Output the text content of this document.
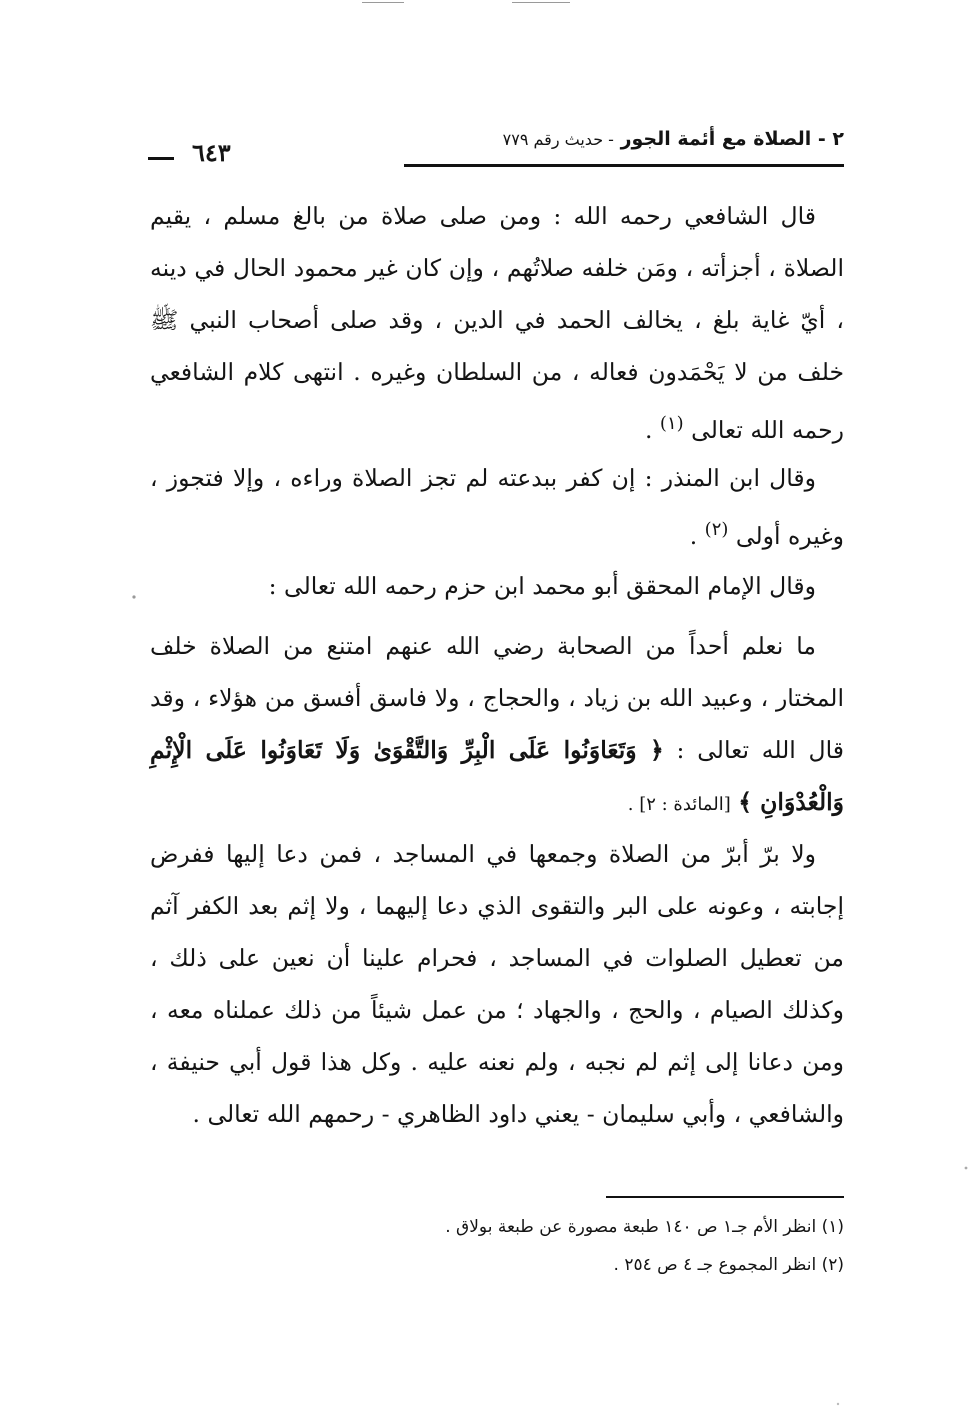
٢ - الصلاة مع أئمة الجور - حديث رقم ٧٧٩
٦٤٣

قال الشافعي رحمه الله : ومن صلى صلاة من بالغ مسلم ، يقيم الصلاة ، أجزأته ، ومَن خلفه صلاتُهم ، وإن كان غير محمود الحال في دينه ، أيّ غاية بلغ ، يخالف الحمد في الدين ، وقد صلى أصحاب النبي ﷺ خلف من لا يَحْمَدون فعاله ، من السلطان وغيره . انتهى كلام الشافعي رحمه الله تعالى $^{(١)}$ .

وقال ابن المنذر : إن كفر ببدعته لم تجز الصلاة وراءه ، وإلا فتجوز ، وغيره أولى $^{(٢)}$ .

وقال الإمام المحقق أبو محمد ابن حزم رحمه الله تعالى :

ما نعلم أحداً من الصحابة رضي الله عنهم امتنع من الصلاة خلف المختار ، وعبيد الله بن زياد ، والحجاج ، ولا فاسق أفسق من هؤلاء ، وقد قال الله تعالى : ﴿ وَتَعَاوَنُوا عَلَى الْبِرِّ وَالتَّقْوَىٰ وَلَا تَعَاوَنُوا عَلَى الْإِثْمِ وَالْعُدْوَانِ ﴾ [المائدة : ٢] .

ولا برّ أبرّ من الصلاة وجمعها في المساجد ، فمن دعا إليها ففرض إجابته ، وعونه على البر والتقوى الذي دعا إليهما ، ولا إثم بعد الكفر آثم من تعطيل الصلوات في المساجد ، فحرام علينا أن نعين على ذلك ، وكذلك الصيام ، والحج ، والجهاد ؛ من عمل شيئاً من ذلك عملناه معه ، ومن دعانا إلى إثم لم نجبه ، ولم نعنه عليه . وكل هذا قول أبي حنيفة ، والشافعي ، وأبي سليمان - يعني داود الظاهري - رحمهم الله تعالى .

(١) انظر الأم جـ١ ص ١٤٠ طبعة مصورة عن طبعة بولاق .

(٢) انظر المجموع جـ ٤ ص ٢٥٤ .
